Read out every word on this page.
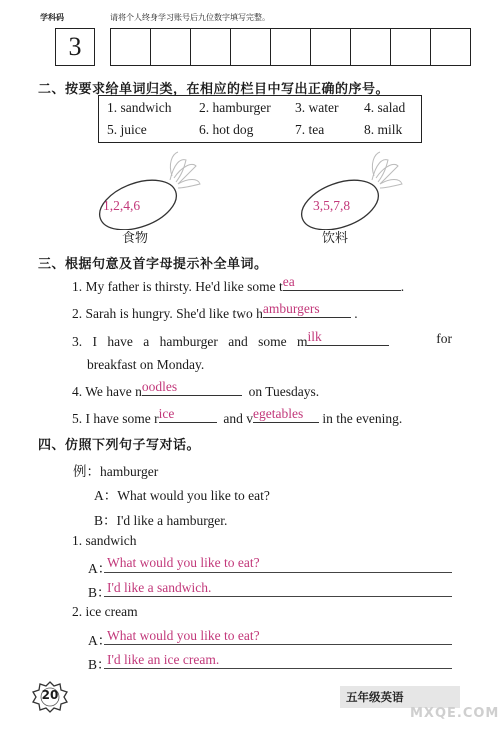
学科码	请将个人终身学习账号后九位数字填写完整。
3
二、按要求给单词归类，在相应的栏目中写出正确的序号。
1. sandwich 2. hamburger 3. water 4. salad
5. juice	6. hot dog	7. tea	8. milk
1,2,4,6	3,5,7,8
食物	饮料
三、根据句意及首字母提示补全单词。
1. My father is thirsty. He'd like some t ea	.
2. Sarah is hungry. She'd like two h amburgers	.
3. I have a hamburger and some m ilk	for
breakfast on Monday.
4. We have n oodles	on Tuesdays.
5. I have some r ice	and v egetables in the evening.
四、仿照下列句子写对话。
例：hamburger
A：What would you like to eat?
B：I'd like a hamburger.
1. sandwich
A：
What would you like to eat?
B：
I'd like a sandwich.
2. ice cream
A：
What would you like to eat?
B：
I'd like an ice cream.
20	五年级英语
MXQE.COM
